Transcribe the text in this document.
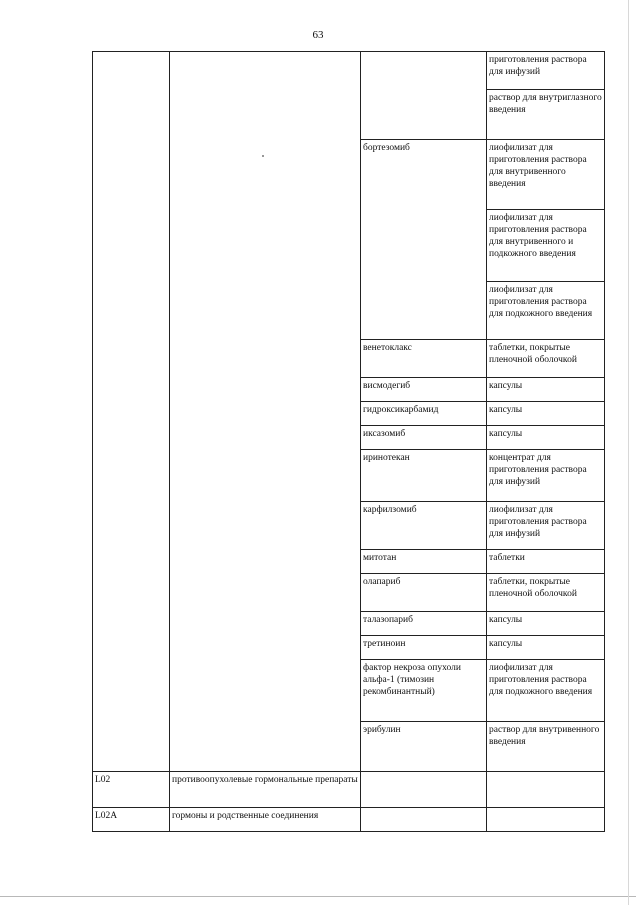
63

			приготовления раствора для инфузий

			раствор для внутриглазного введения

		бортезомиб	лиофилизат для приготовления раствора для внутривенного введения

			лиофилизат для приготовления раствора для внутривенного и подкожного введения

			лиофилизат для приготовления раствора для подкожного введения

		венетоклакс	таблетки, покрытые пленочной оболочкой

		висмодегиб	капсулы

		гидроксикарбамид	капсулы

		иксазомиб	капсулы

		иринотекан	концентрат для приготовления раствора для инфузий

		карфилзомиб	лиофилизат для приготовления раствора для инфузий

		митотан	таблетки

		олапариб	таблетки, покрытые пленочной оболочкой

		талазопариб	капсулы

		третиноин	капсулы

		фактор некроза опухоли альфа-1 (тимозин рекомбинантный)	лиофилизат для приготовления раствора для подкожного введения

		эрибулин	раствор для внутривенного введения

L02	противоопухолевые гормональные препараты		

L02A	гормоны и родственные соединения		
